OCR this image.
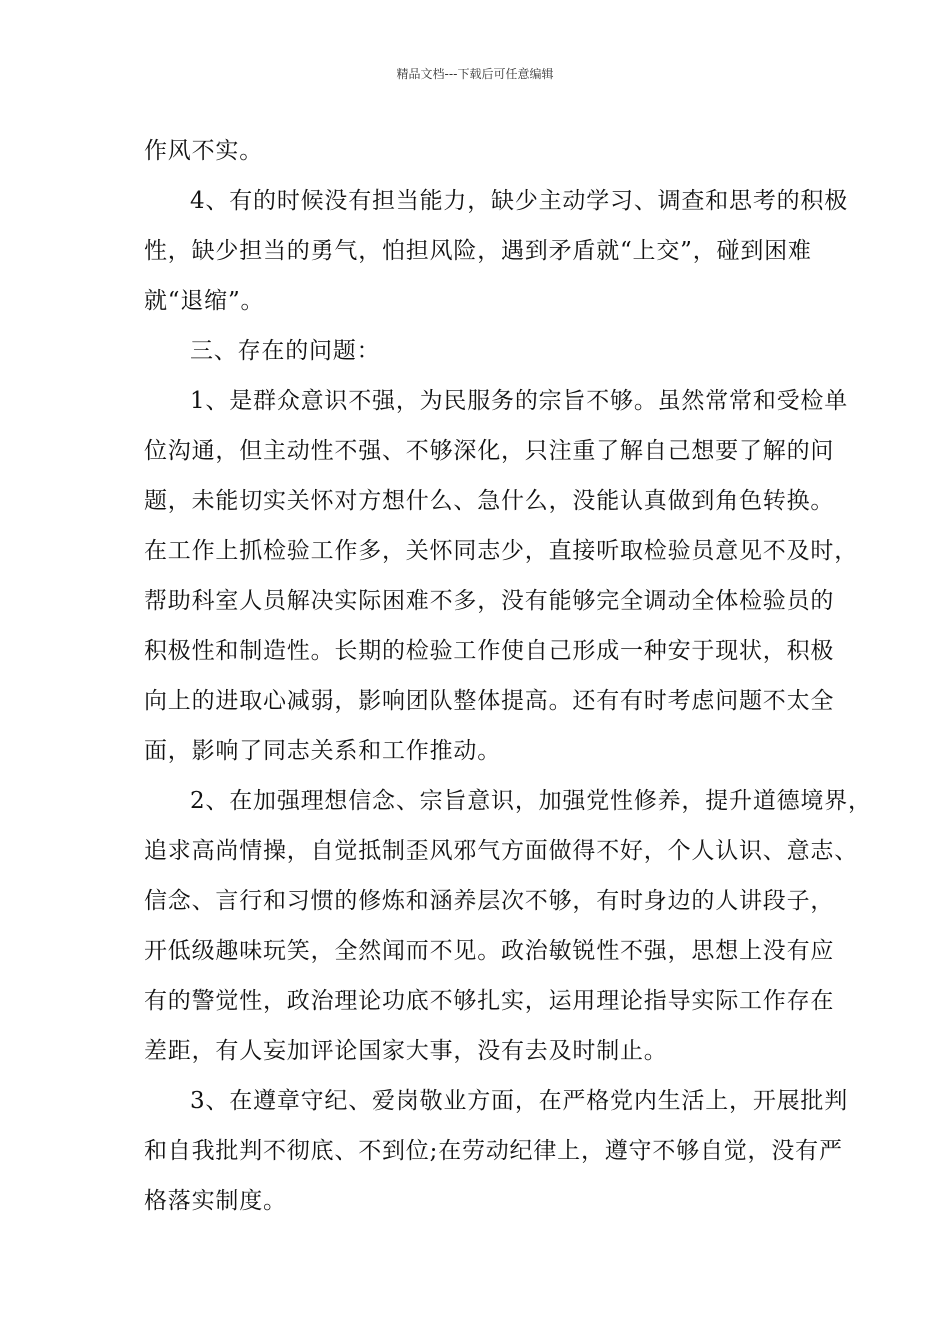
精品文档---下载后可任意编辑
作风不实。
4、有的时候没有担当能力，缺少主动学习、调查和思考的积极
性，缺少担当的勇气，怕担风险，遇到矛盾就“上交”，碰到困难
就“退缩”。
三、存在的问题：
1、是群众意识不强，为民服务的宗旨不够。虽然常常和受检单
位沟通，但主动性不强、不够深化，只注重了解自己想要了解的问
题，未能切实关怀对方想什么、急什么，没能认真做到角色转换。
在工作上抓检验工作多，关怀同志少，直接听取检验员意见不及时，
帮助科室人员解决实际困难不多，没有能够完全调动全体检验员的
积极性和制造性。长期的检验工作使自己形成一种安于现状，积极
向上的进取心减弱，影响团队整体提高。还有有时考虑问题不太全
面，影响了同志关系和工作推动。
2、在加强理想信念、宗旨意识，加强党性修养，提升道德境界，
追求高尚情操，自觉抵制歪风邪气方面做得不好，个人认识、意志、
信念、言行和习惯的修炼和涵养层次不够，有时身边的人讲段子，
开低级趣味玩笑，全然闻而不见。政治敏锐性不强，思想上没有应
有的警觉性，政治理论功底不够扎实，运用理论指导实际工作存在
差距，有人妄加评论国家大事，没有去及时制止。
3、在遵章守纪、爱岗敬业方面，在严格党内生活上，开展批判
和自我批判不彻底、不到位;在劳动纪律上，遵守不够自觉，没有严
格落实制度。
